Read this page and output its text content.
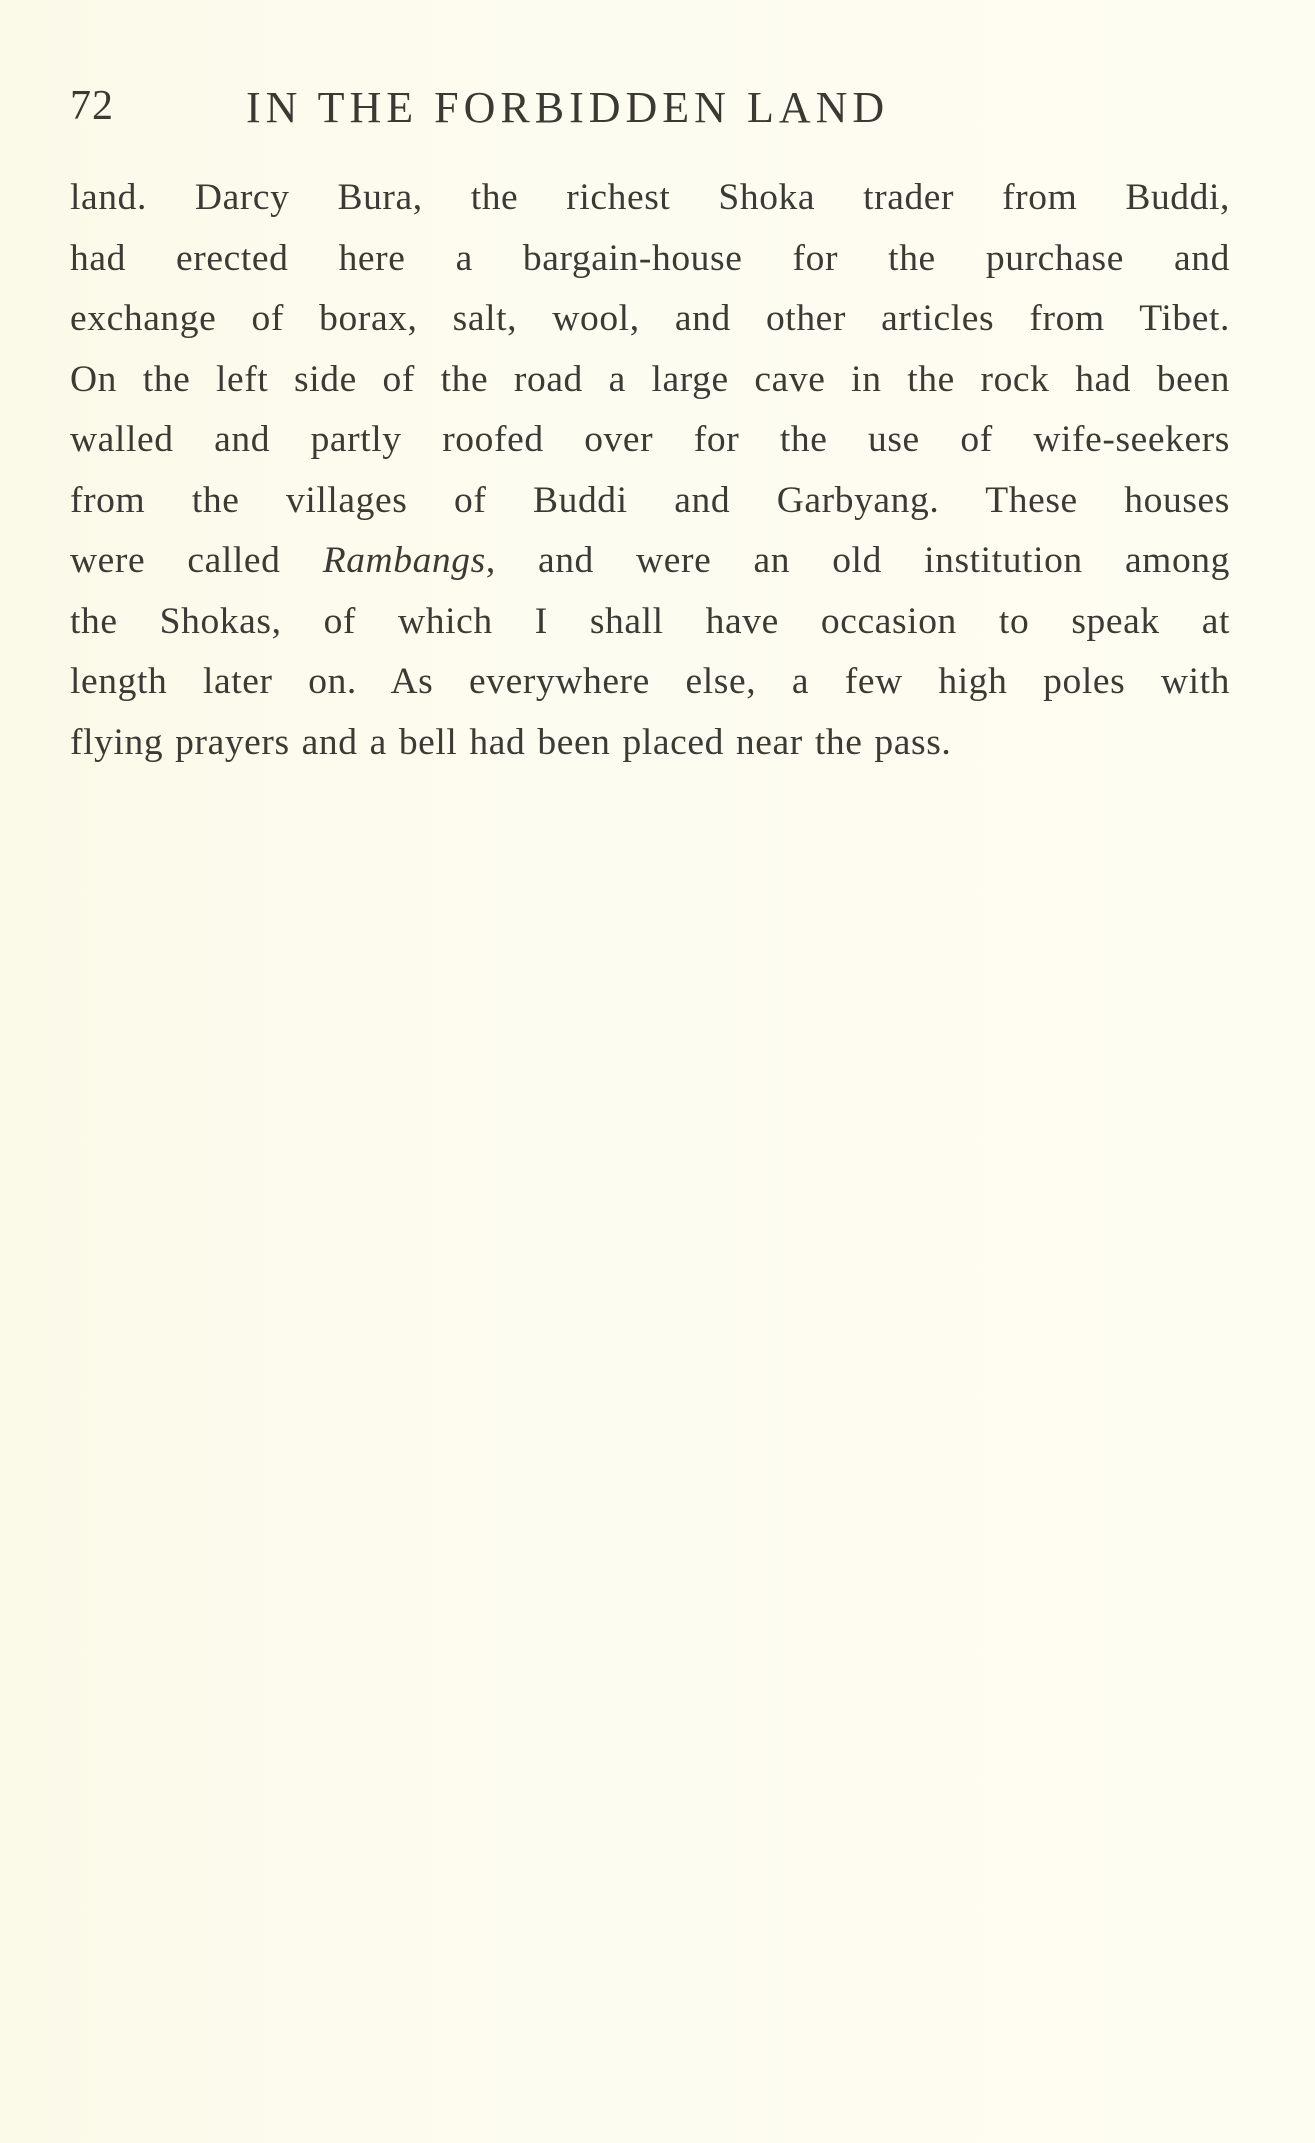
72	IN THE FORBIDDEN LAND
land. Darcy Bura, the richest Shoka trader from Buddi,
had erected here a bargain-house for the purchase and
exchange of borax, salt, wool, and other articles from Tibet.
On the left side of the road a large cave in the rock had been
walled and partly roofed over for the use of wife-seekers
from the villages of Buddi and Garbyang. These houses
were called Rambangs, and were an old institution among
the Shokas, of which I shall have occasion to speak at
length later on. As everywhere else, a few high poles with
flying prayers and a bell had been placed near the pass.
